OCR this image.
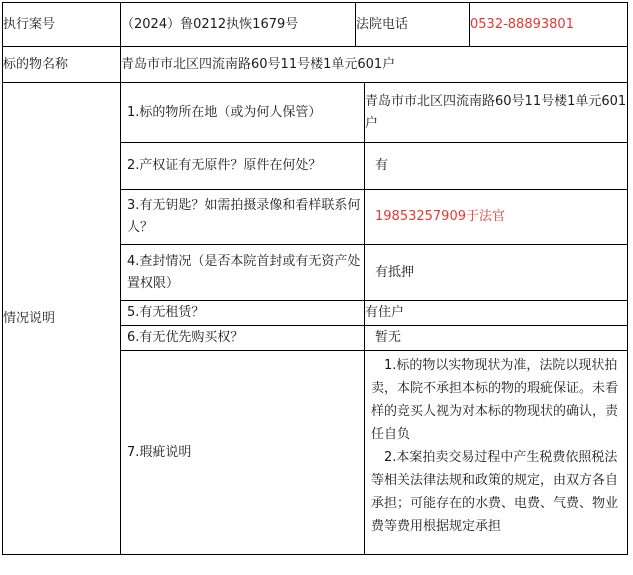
执行案号	（2024）鲁0212执恢1679号	法院电话		0532-88893801
标的物名称	青岛市市北区四流南路60号11号楼1单元601户			
情况说明	1.标的物所在地（或为何人保管）		青岛市市北区四流南路60号11号楼1单元601户	

	2.产权证有无原件？原件在何处？		有	

	3.有无钥匙？如需拍摄录像和看样联系何人？		19853257909于法官	

	4.查封情况（是否本院首封或有无资产处置权限）		有抵押	

	5.有无租赁？		有住户	

	6.有无优先购买权？		暂无	

	7.瑕疵说明		1.标的物以实物现状为准，法院以现状拍卖，本院不承担本标的物的瑕疵保证。未看样的竞买人视为对本标的物现状的确认，责任自负

2.本案拍卖交易过程中产生税费依照税法等相关法律法规和政策的规定，由双方各自承担；可能存在的水费、电费、气费、物业费等费用根据规定承担	
